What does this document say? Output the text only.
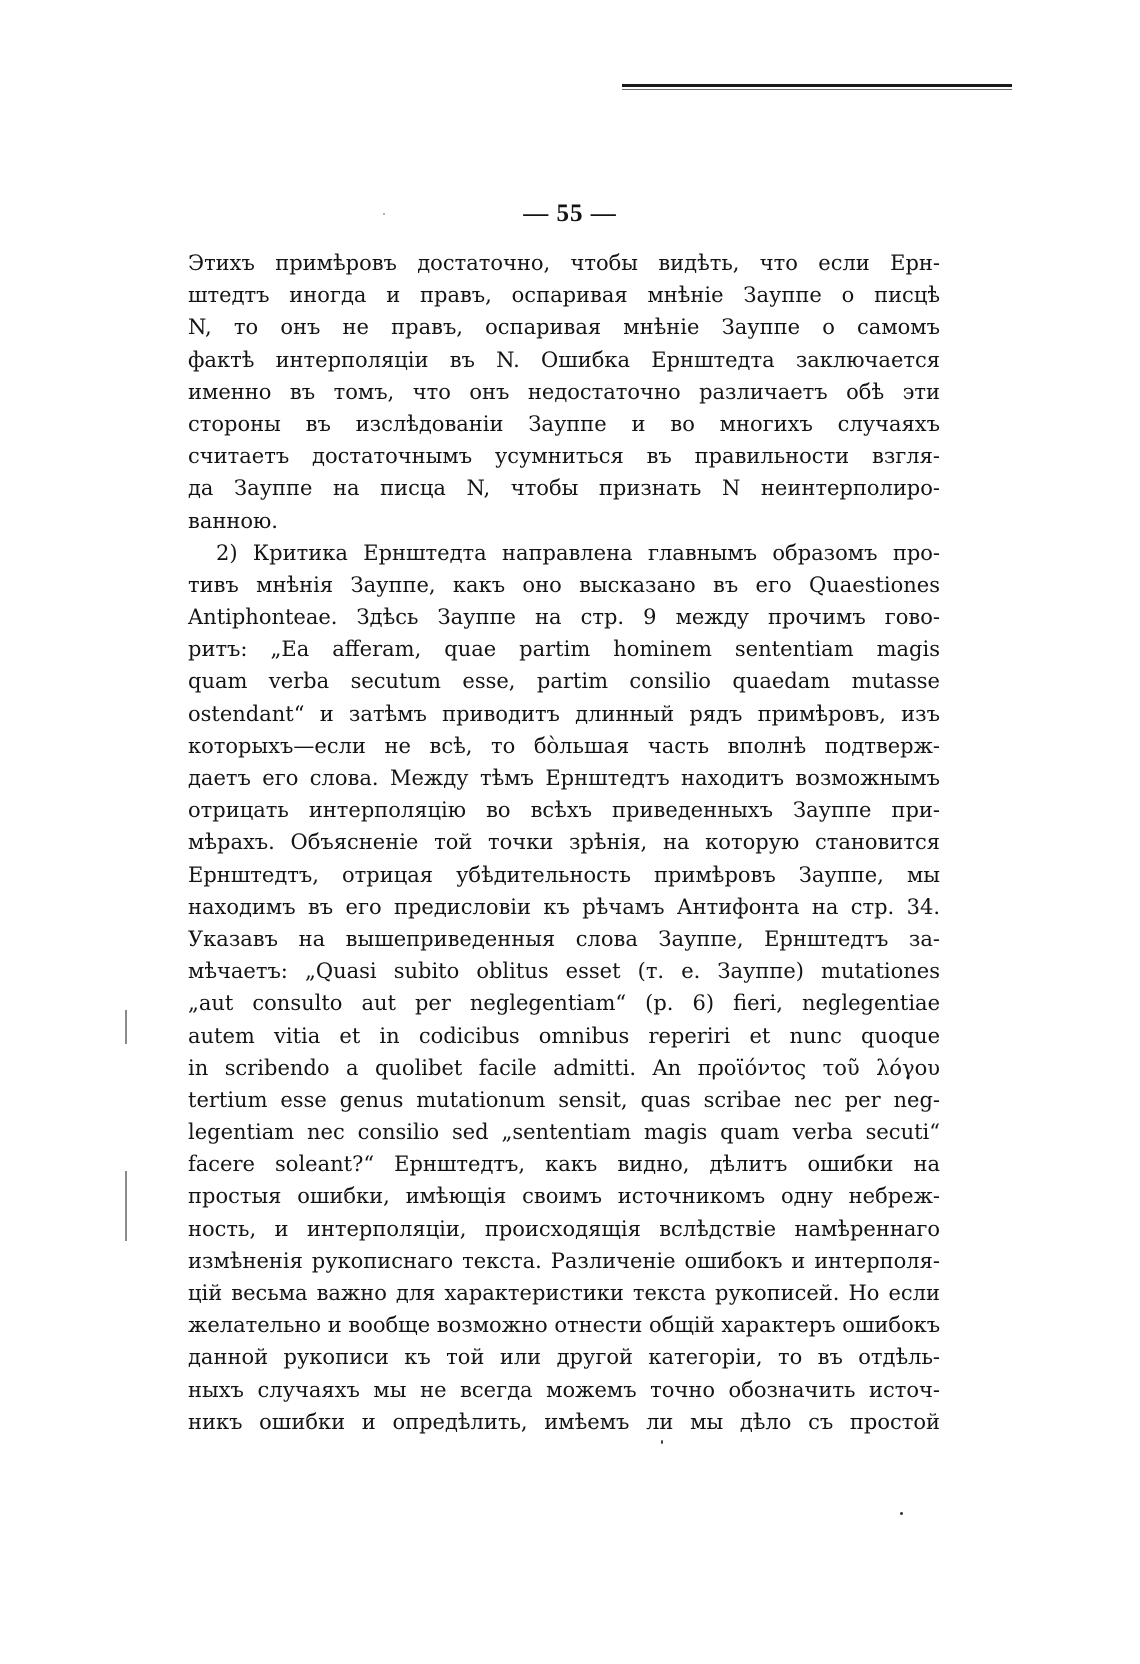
— 55 —
Этихъ примѣровъ достаточно, чтобы видѣть, что если Ерн-
штедтъ иногда и правъ, оспаривая мнѣніе Зауппе о писцѣ
N, то онъ не правъ, оспаривая мнѣніе Зауппе о самомъ
фактѣ интерполяціи въ N. Ошибка Ернштедта заключается
именно въ томъ, что онъ недостаточно различаетъ обѣ эти
стороны въ изслѣдованіи Зауппе и во многихъ случаяхъ
считаетъ достаточнымъ усумниться въ правильности взгля-
да Зауппе на писца N, чтобы признать N неинтерполиро-
ванною.
2) Критика Ернштедта направлена главнымъ образомъ про-
тивъ мнѣнія Зауппе, какъ оно высказано въ его Quaestiones
Antiphonteae. Здѣсь Зауппе на стр. 9 между прочимъ гово-
ритъ: „Ea afferam, quae partim hominem sententiam magis
quam verba secutum esse, partim consilio quaedam mutasse
ostendant“ и затѣмъ приводитъ длинный рядъ примѣровъ, изъ
которыхъ—если не всѣ, то бо̀льшая часть вполнѣ подтверж-
даетъ его слова. Между тѣмъ Ернштедтъ находитъ возможнымъ
отрицать интерполяцію во всѣхъ приведенныхъ Зауппе при-
мѣрахъ. Объясненіе той точки зрѣнія, на которую становится
Ернштедтъ, отрицая убѣдительность примѣровъ Зауппе, мы
находимъ въ его предисловіи къ рѣчамъ Антифонта на стр. 34.
Указавъ на вышеприведенныя слова Зауппе, Ернштедтъ за-
мѣчаетъ: „Quasi subito oblitus esset (т. е. Зауппе) mutationes
„aut consulto aut per neglegentiam“ (p. 6) fieri, neglegentiae
autem vitia et in codicibus omnibus reperiri et nunc quoque
in scribendo a quolibet facile admitti. An προϊόντος τοῦ λόγου
tertium esse genus mutationum sensit, quas scribae nec per neg-
legentiam nec consilio sed „sententiam magis quam verba secuti“
facere soleant?“ Ернштедтъ, какъ видно, дѣлитъ ошибки на
простыя ошибки, имѣющія своимъ источникомъ одну небреж-
ность, и интерполяціи, происходящія вслѣдствіе намѣреннаго
измѣненія рукописнаго текста. Различеніе ошибокъ и интерполя-
цій весьма важно для характеристики текста рукописей. Но если
желательно и вообще возможно отнести общій характеръ ошибокъ
данной рукописи къ той или другой категоріи, то въ отдѣль-
ныхъ случаяхъ мы не всегда можемъ точно обозначить источ-
никъ ошибки и опредѣлить, имѣемъ ли мы дѣло съ простой
